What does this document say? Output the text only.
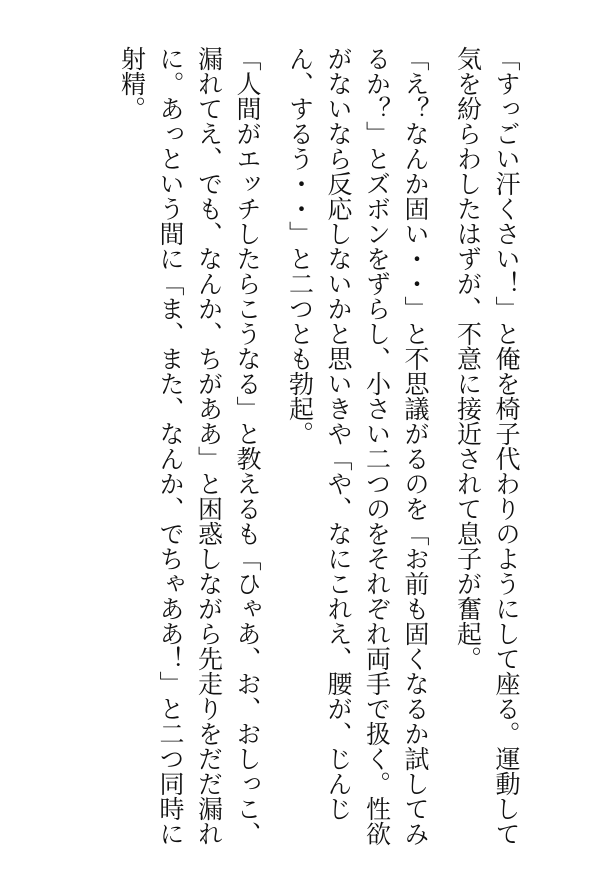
「すっごい汗くさい！」と俺を椅子代わりのようにして座る。運動して気を紛らわしたはずが、不意に接近されて息子が奮起。

「え？なんか固い・・」と不思議がるのを「お前も固くなるか試してみるか？」とズボンをずらし、小さい二つのをそれぞれ両手で扱く。性欲がないなら反応しないかと思いきや「や、なにこれえ、腰が、じんじん、するう・・」と二つとも勃起。

「人間がエッチしたらこうなる」と教えるも「ひゃあ、お、おしっこ、漏れてえ、でも、なんか、ちがああ」と困惑しながら先走りをだだ漏れに。あっという間に「ま、また、なんか、でちゃああ！」と二つ同時に射精。
